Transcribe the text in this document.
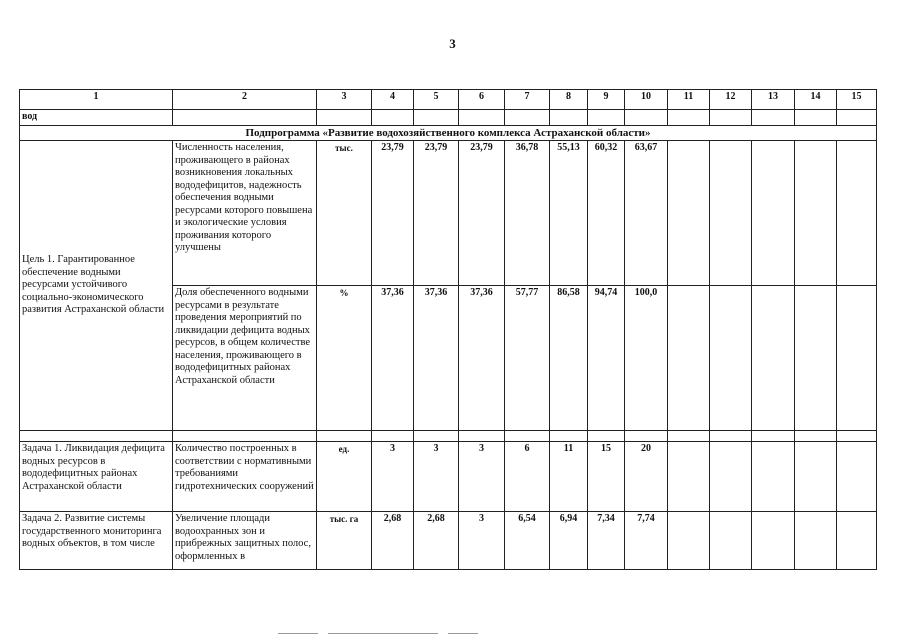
3
1	2	3	4	5	6	7	8	9	10	11	12	13	14	15
вод														
Подпрограмма «Развитие водохозяйственного комплекса Астраханской области»														
Цель 1. Гарантированное обеспечение водными ресурсами устойчивого социально-экономического развития Астраханской области	Численность населения, проживающего в районах возникновения локальных вододефицитов, надежность обеспечения водными ресурсами которого повышена и экологические условия проживания которого улучшены	тыс.	23,79	23,79	23,79	36,78	55,13	60,32	63,67					
	Доля обеспеченного водными ресурсами в результате проведения мероприятий по ликвидации дефицита водных ресурсов, в общем количестве населения, проживающего в вододефицитных районах Астраханской области	%	37,36	37,36	37,36	57,77	86,58	94,74	100,0					

Задача 1. Ликвидация дефицита водных ресурсов в вододефицитных районах Астраханской области	Количество построенных в соответствии с нормативными требованиями гидротехнических сооружений	ед.	3	3	3	6	11	15	20					
Задача 2. Развитие системы государственного мониторинга водных объектов, в том числе	Увеличение площади водоохранных зон и прибрежных защитных полос, оформленных в	тыс. га	2,68	2,68	3	6,54	6,94	7,34	7,74					
